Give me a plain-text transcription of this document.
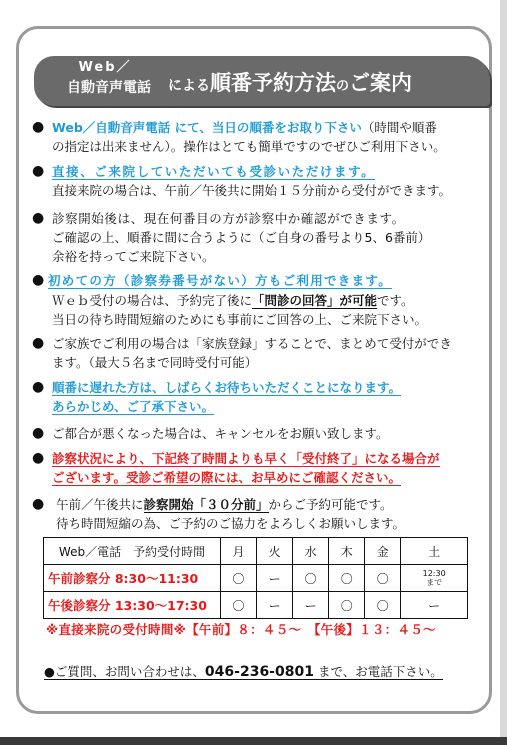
Web／
自動音声電話	による順番予約方法のご案内
● Web／自動音声電話 にて、当日の順番をお取り下さい（時間や順番
の指定は出来ません）。操作はとても簡単ですのでぜひご利用下さい。
● 直接、ご来院していただいても受診いただけます。
直接来院の場合は、午前／午後共に開始１５分前から受付ができます。
● 診察開始後は、現在何番目の方が診察中か確認ができます。
ご確認の上、順番に間に合うように（ご自身の番号より5、6番前）
余裕を持ってご来院下さい。
● 初めての方（診察券番号がない）方もご利用できます。
Ｗｅｂ受付の場合は、予約完了後に「問診の回答」が可能です。
当日の待ち時間短縮のためにも事前にご回答の上、ご来院下さい。
● ご家族でご利用の場合は「家族登録」することで、まとめて受付ができ
ます。（最大５名まで同時受付可能）
● 順番に遅れた方は、しばらくお待ちいただくことになります。
あらかじめ、ご了承下さい。
● ご都合が悪くなった場合は、キャンセルをお願い致します。
● 診察状況により、下記終了時間よりも早く「受付終了」になる場合が
ございます。受診ご希望の際には、お早めにご確認ください。
● 午前／午後共に診察開始「３０分前」からご予約可能です。
待ち時間短縮の為、ご予約のご協力をよろしくお願いします。
Web／電話　予約受付時間	月	火	水	木	金	土
午前診察分 8:30〜11:30	〇	ー	〇	〇	〇	12:30
まで

午後診察分 13:30〜17:30	〇	ー	ー	〇	〇	ー
※直接来院の受付時間※【午前】８：４５〜　【午後】１３：４５〜
●ご質問、お問い合わせは、046-236-0801 まで、お電話下さい。
